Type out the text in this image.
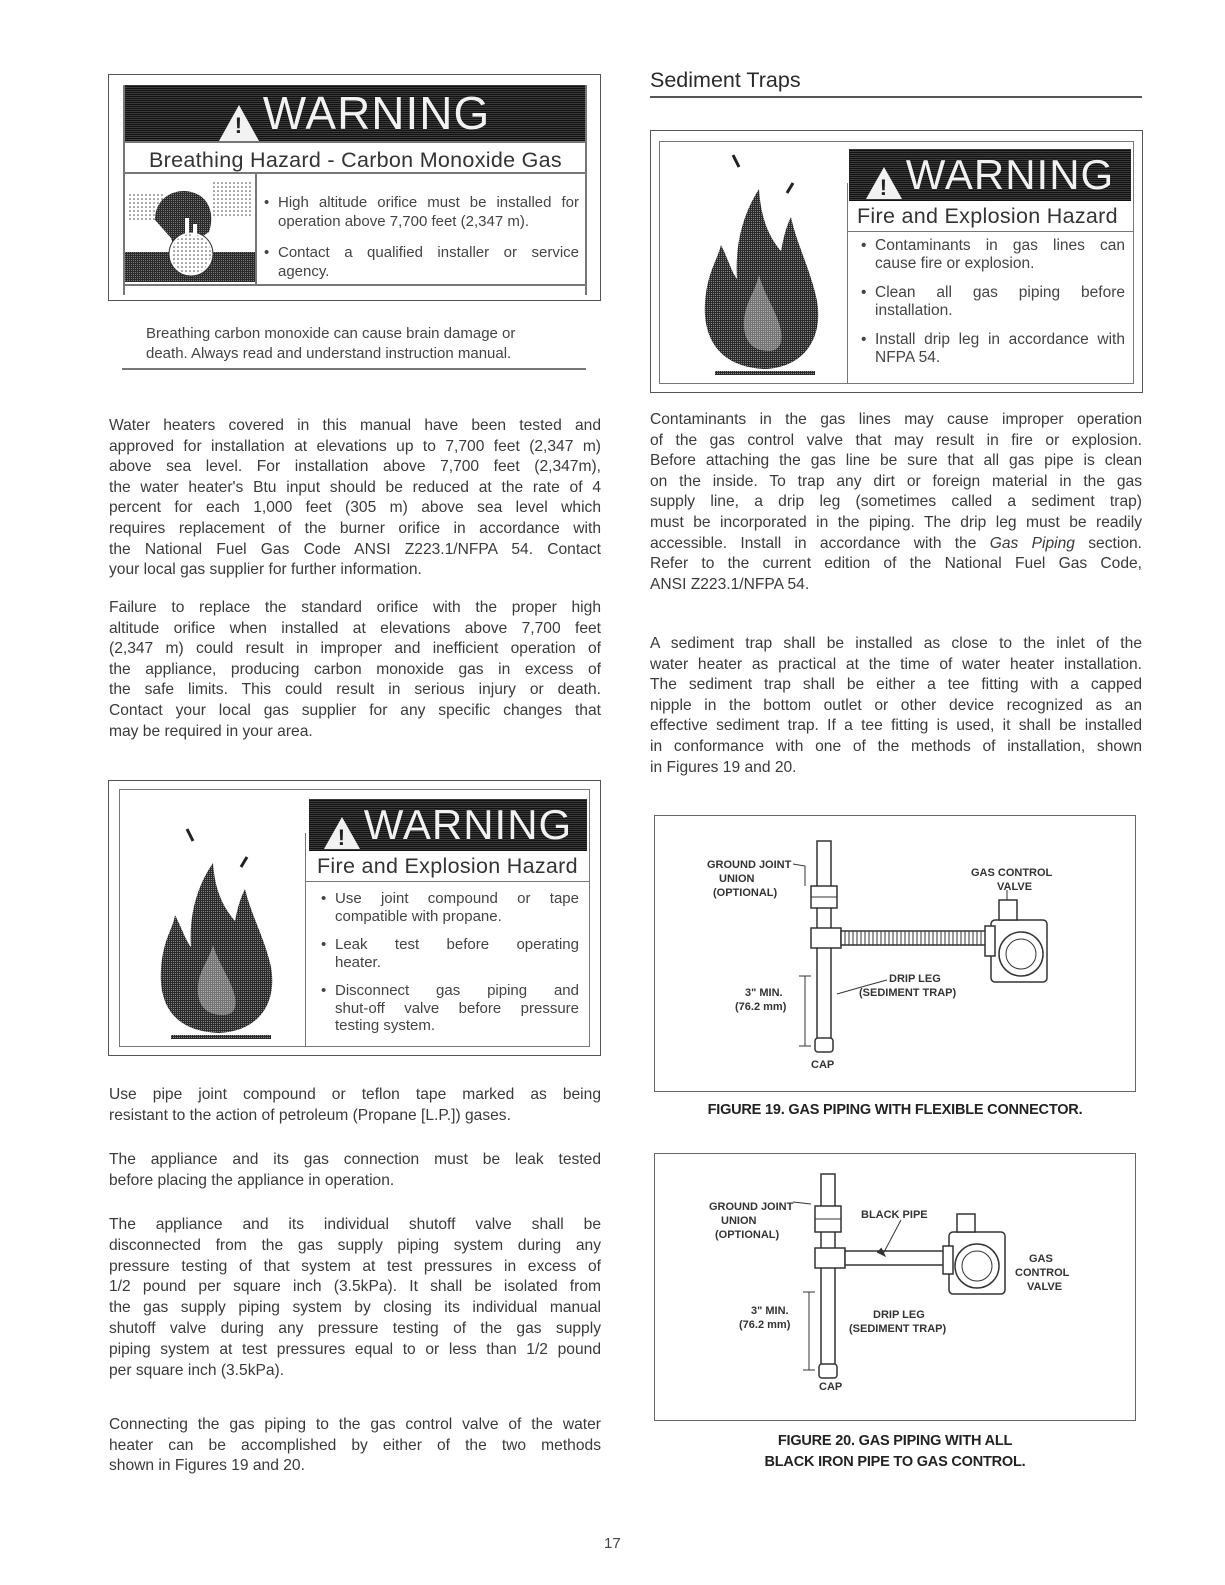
!WARNING
Breathing Hazard - Carbon Monoxide Gas
• High altitude orifice must be installed for operation above 7,700 feet (2,347 m).
• Contact a qualified installer or service agency.
Breathing carbon monoxide can cause brain damage or
death. Always read and understand instruction manual.
Water heaters covered in this manual have been tested and
approved for installation at elevations up to 7,700 feet (2,347 m)
above sea level. For installation above 7,700 feet (2,347m),
the water heater's Btu input should be reduced at the rate of 4
percent for each 1,000 feet (305 m) above sea level which
requires replacement of the burner orifice in accordance with
the National Fuel Gas Code ANSI Z223.1/NFPA 54. Contact
your local gas supplier for further information.
Failure to replace the standard orifice with the proper high
altitude orifice when installed at elevations above 7,700 feet
(2,347 m) could result in improper and inefficient operation of
the appliance, producing carbon monoxide gas in excess of
the safe limits. This could result in serious injury or death.
Contact your local gas supplier for any specific changes that
may be required in your area.
!WARNING
Fire and Explosion Hazard
• Use joint compound or tape
compatible with propane.
• Leak test before operating
heater.
• Disconnect gas piping and
shut-off valve before pressure
testing system.
Use pipe joint compound or teflon tape marked as being
resistant to the action of petroleum (Propane [L.P.]) gases.
The appliance and its gas connection must be leak tested
before placing the appliance in operation.
The appliance and its individual shutoff valve shall be
disconnected from the gas supply piping system during any
pressure testing of that system at test pressures in excess of
1/2 pound per square inch (3.5kPa). It shall be isolated from
the gas supply piping system by closing its individual manual
shutoff valve during any pressure testing of the gas supply
piping system at test pressures equal to or less than 1/2 pound
per square inch (3.5kPa).
Connecting the gas piping to the gas control valve of the water
heater can be accomplished by either of the two methods
shown in Figures 19 and 20.
Sediment Traps
!WARNING
Fire and Explosion Hazard
• Contaminants in gas lines can
cause fire or explosion.
• Clean all gas piping before
installation.
• Install drip leg in accordance with
NFPA 54.
Contaminants in the gas lines may cause improper operation
of the gas control valve that may result in fire or explosion.
Before attaching the gas line be sure that all gas pipe is clean
on the inside. To trap any dirt or foreign material in the gas
supply line, a drip leg (sometimes called a sediment trap)
must be incorporated in the piping. The drip leg must be readily
accessible. Install in accordance with the Gas Piping section.
Refer to the current edition of the National Fuel Gas Code,
ANSI Z223.1/NFPA 54.
A sediment trap shall be installed as close to the inlet of the
water heater as practical at the time of water heater installation.
The sediment trap shall be either a tee fitting with a capped
nipple in the bottom outlet or other device recognized as an
effective sediment trap. If a tee fitting is used, it shall be installed
in conformance with one of the methods of installation, shown
in Figures 19 and 20.
GROUND JOINT
UNION
(OPTIONAL)
GAS CONTROL
VALVE
3" MIN.
(76.2 mm)
DRIP LEG
(SEDIMENT TRAP)
CAP
FIGURE 19. GAS PIPING WITH FLEXIBLE CONNECTOR.
GROUND JOINT
UNION
(OPTIONAL)
BLACK PIPE
GAS
CONTROL
VALVE
3" MIN.
(76.2 mm)
DRIP LEG
(SEDIMENT TRAP)
CAP
FIGURE 20. GAS PIPING WITH ALL
BLACK IRON PIPE TO GAS CONTROL.
17
